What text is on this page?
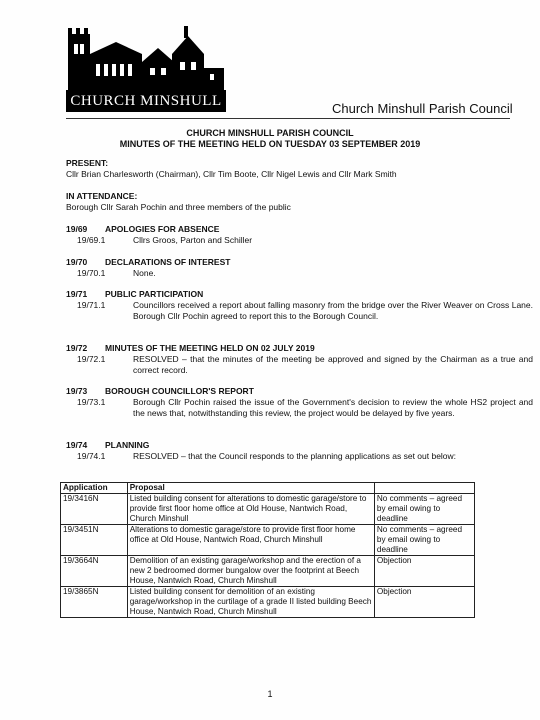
CHURCH MINSHULL	Church Minshull Parish Council
CHURCH MINSHULL PARISH COUNCIL
MINUTES OF THE MEETING HELD ON TUESDAY 03 SEPTEMBER 2019
PRESENT:
Cllr Brian Charlesworth (Chairman), Cllr Tim Boote, Cllr Nigel Lewis and Cllr Mark Smith
IN ATTENDANCE:
Borough Cllr Sarah Pochin and three members of the public
19/69 APOLOGIES FOR ABSENCE
19/69.1	Cllrs Groos, Parton and Schiller
19/70 DECLARATIONS OF INTEREST
19/70.1	None.
19/71 PUBLIC PARTICIPATION
19/71.1	Councillors received a report about falling masonry from the bridge over the River Weaver on Cross Lane. Borough Cllr Pochin agreed to report this to the Borough Council.
19/72 MINUTES OF THE MEETING HELD ON 02 JULY 2019
19/72.1	RESOLVED – that the minutes of the meeting be approved and signed by the Chairman as a true and correct record.
19/73 BOROUGH COUNCILLOR'S REPORT
19/73.1	Borough Cllr Pochin raised the issue of the Government's decision to review the whole HS2 project and the news that, notwithstanding this review, the project would be delayed by five years.
19/74 PLANNING
19/74.1	RESOLVED – that the Council responds to the planning applications as set out below:
Application	Proposal	
19/3416N	Listed building consent for alterations to domestic garage/store to provide first floor home office at Old House, Nantwich Road, Church Minshull	No comments – agreed by email owing to deadline
19/3451N	Alterations to domestic garage/store to provide first floor home office at Old House, Nantwich Road, Church Minshull	No comments – agreed by email owing to deadline
19/3664N	Demolition of an existing garage/workshop and the erection of a new 2 bedroomed dormer bungalow over the footprint at Beech House, Nantwich Road, Church Minshull	Objection
19/3865N	Listed building consent for demolition of an existing garage/workshop in the curtilage of a grade II listed building Beech House, Nantwich Road, Church Minshull	Objection
1
